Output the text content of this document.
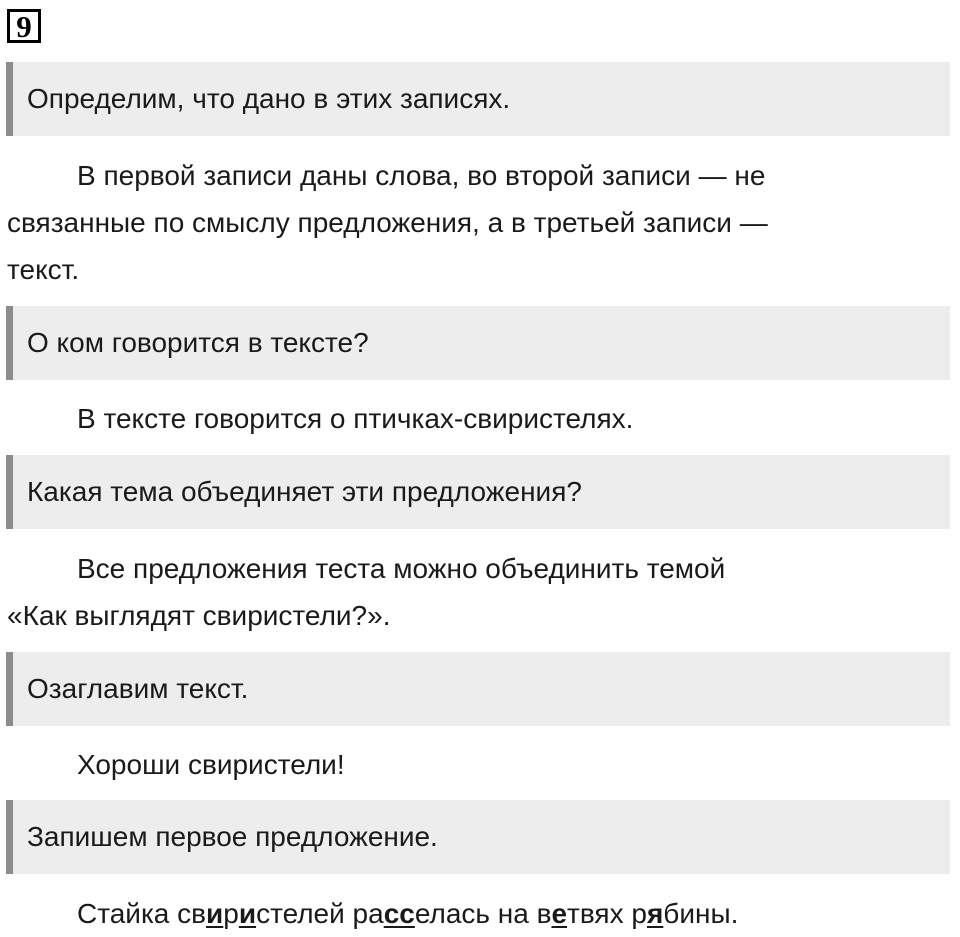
9
Определим, что дано в этих записях.
В первой записи даны слова, во второй записи — не
связанные по смыслу предложения, а в третьей записи —
текст.
О ком говорится в тексте?
В тексте говорится о птичках-свиристелях.
Какая тема объединяет эти предложения?
Все предложения теста можно объединить темой
«Как выглядят свиристели?».
Озаглавим текст.
Хороши свиристели!
Запишем первое предложение.
Стайка свиристелей расселась на ветвях рябины.
